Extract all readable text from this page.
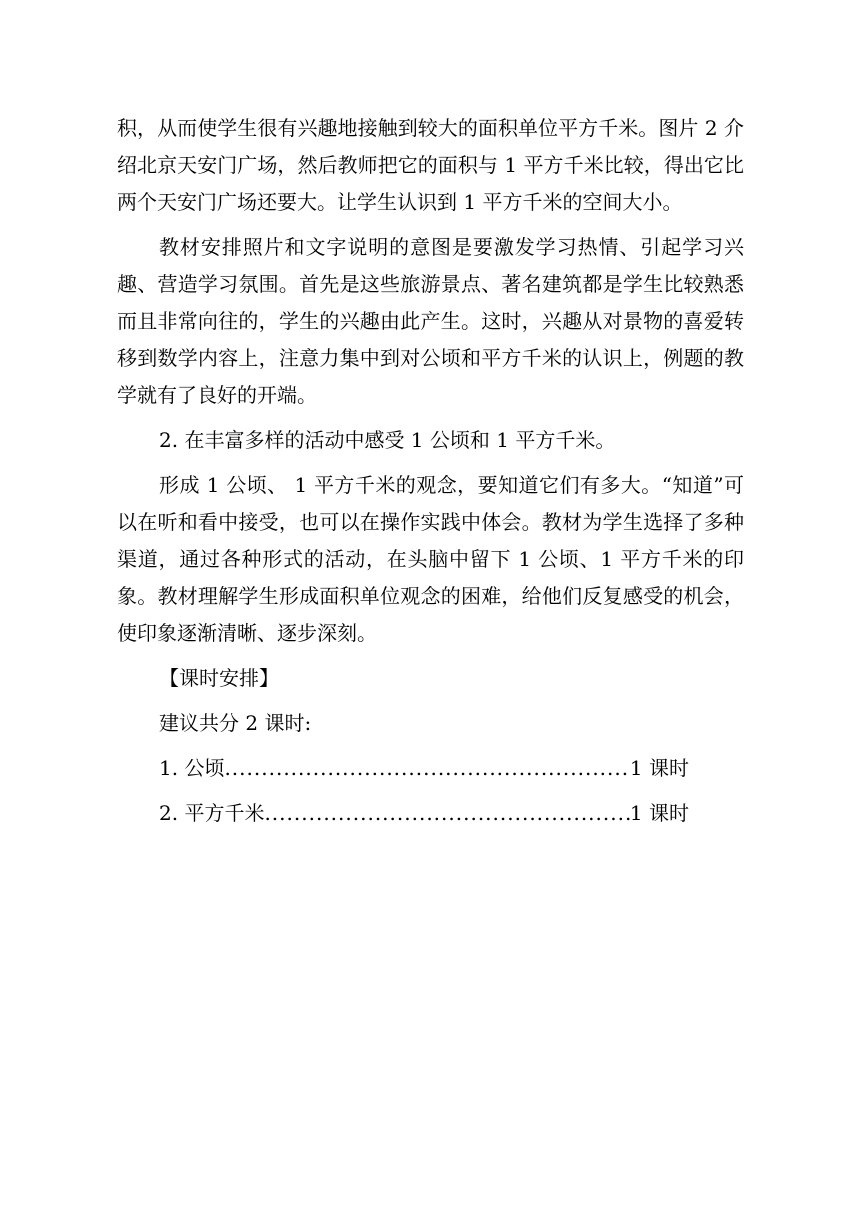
积，从而使学生很有兴趣地接触到较大的面积单位平方千米。图片 2 介绍北京天安门广场，然后教师把它的面积与 1 平方千米比较，得出它比两个天安门广场还要大。让学生认识到 1 平方千米的空间大小。

教材安排照片和文字说明的意图是要激发学习热情、引起学习兴趣、营造学习氛围。首先是这些旅游景点、著名建筑都是学生比较熟悉而且非常向往的，学生的兴趣由此产生。这时，兴趣从对景物的喜爱转移到数学内容上，注意力集中到对公顷和平方千米的认识上，例题的教学就有了良好的开端。

2. 在丰富多样的活动中感受 1 公顷和 1 平方千米。

形成 1 公顷、 1 平方千米的观念，要知道它们有多大。“知道”可以在听和看中接受，也可以在操作实践中体会。教材为学生选择了多种渠道，通过各种形式的活动，在头脑中留下 1 公顷、1 平方千米的印象。教材理解学生形成面积单位观念的困难，给他们反复感受的机会，使印象逐渐清晰、逐步深刻。

【课时安排】

建议共分 2 课时:

1. 公顷 .....	1 课时
2. 平方千米 .....	1 课时
